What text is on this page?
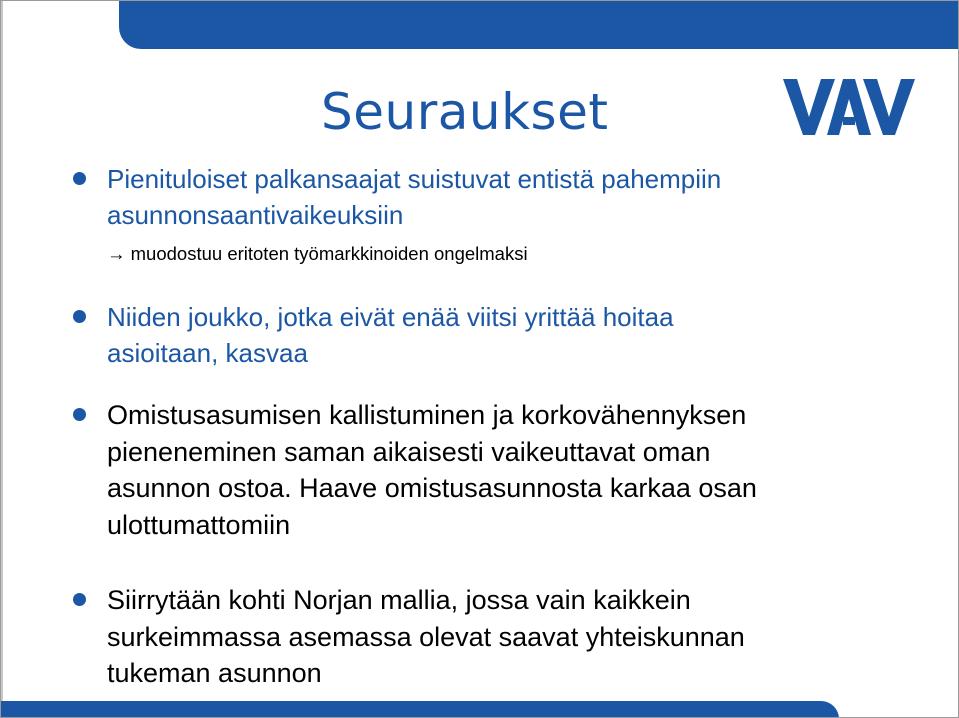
Seuraukset
Pienituloiset palkansaajat suistuvat entistä pahempiin
asunnonsaantivaikeuksiin
→ muodostuu eritoten työmarkkinoiden ongelmaksi
Niiden joukko, jotka eivät enää viitsi yrittää hoitaa
asioitaan, kasvaa
Omistusasumisen kallistuminen ja korkovähennyksen
pieneneminen saman aikaisesti vaikeuttavat oman
asunnon ostoa. Haave omistusasunnosta karkaa osan
ulottumattomiin
Siirrytään kohti Norjan mallia, jossa vain kaikkein
surkeimmassa asemassa olevat saavat yhteiskunnan
tukeman asunnon
